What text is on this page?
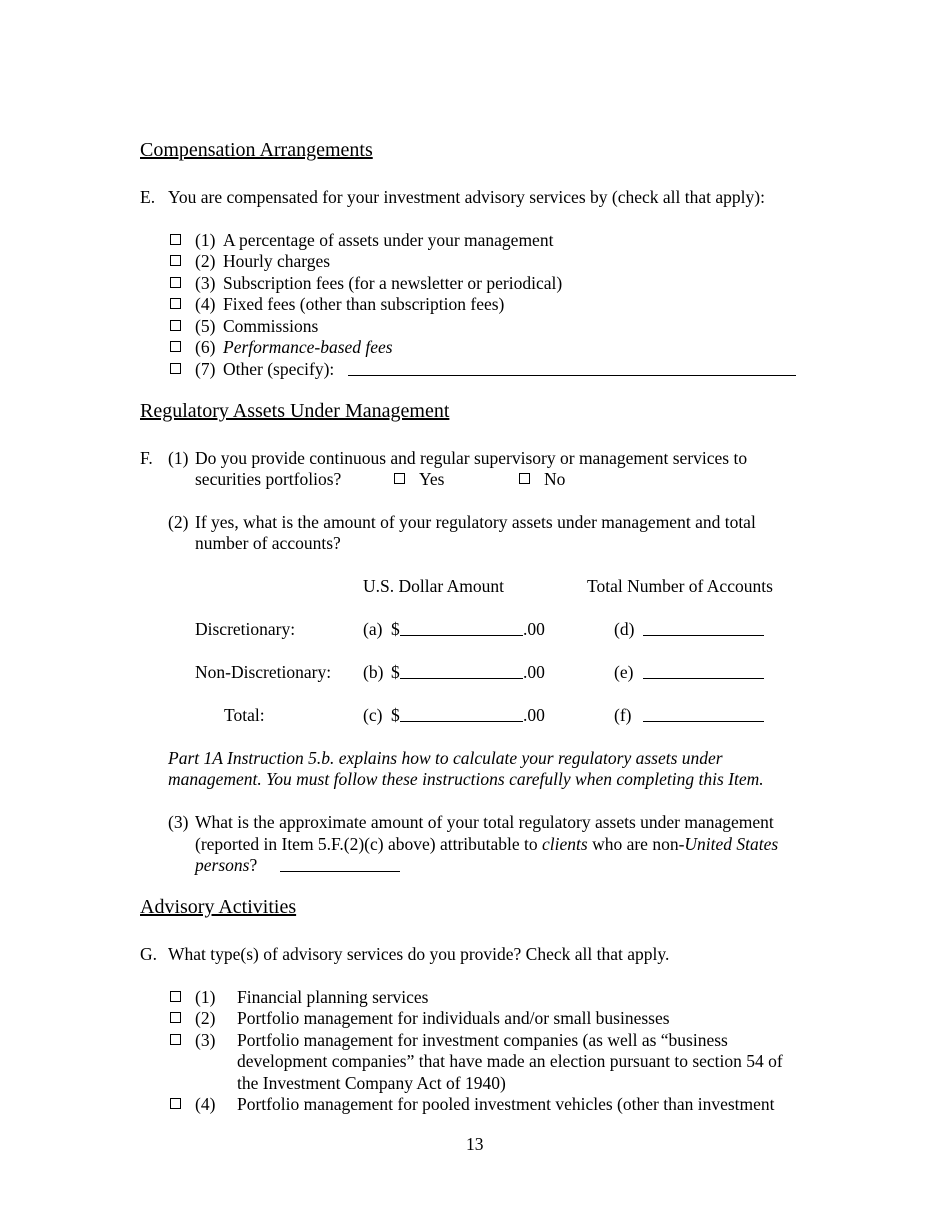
Compensation Arrangements
E. You are compensated for your investment advisory services by (check all that apply):
(1) A percentage of assets under your management
(2) Hourly charges
(3) Subscription fees (for a newsletter or periodical)
(4) Fixed fees (other than subscription fees)
(5) Commissions
(6) Performance-based fees
(7) Other (specify):
Regulatory Assets Under Management
F. (1) Do you provide continuous and regular supervisory or management services to
securities portfolios?	Yes	No
(2) If yes, what is the amount of your regulatory assets under management and total
number of accounts?
U.S. Dollar Amount	Total Number of Accounts
Discretionary:	(a) $	.00	(d)
Non-Discretionary: (b) $	.00	(e)
Total:	(c) $	.00	(f)
Part 1A Instruction 5.b. explains how to calculate your regulatory assets under
management. You must follow these instructions carefully when completing this Item.
(3) What is the approximate amount of your total regulatory assets under management
(reported in Item 5.F.(2)(c) above) attributable to clients who are non-United States
persons?
Advisory Activities
G. What type(s) of advisory services do you provide? Check all that apply.
(1) Financial planning services
(2) Portfolio management for individuals and/or small businesses
(3) Portfolio management for investment companies (as well as “business
development companies” that have made an election pursuant to section 54 of
the Investment Company Act of 1940)
(4) Portfolio management for pooled investment vehicles (other than investment
13
